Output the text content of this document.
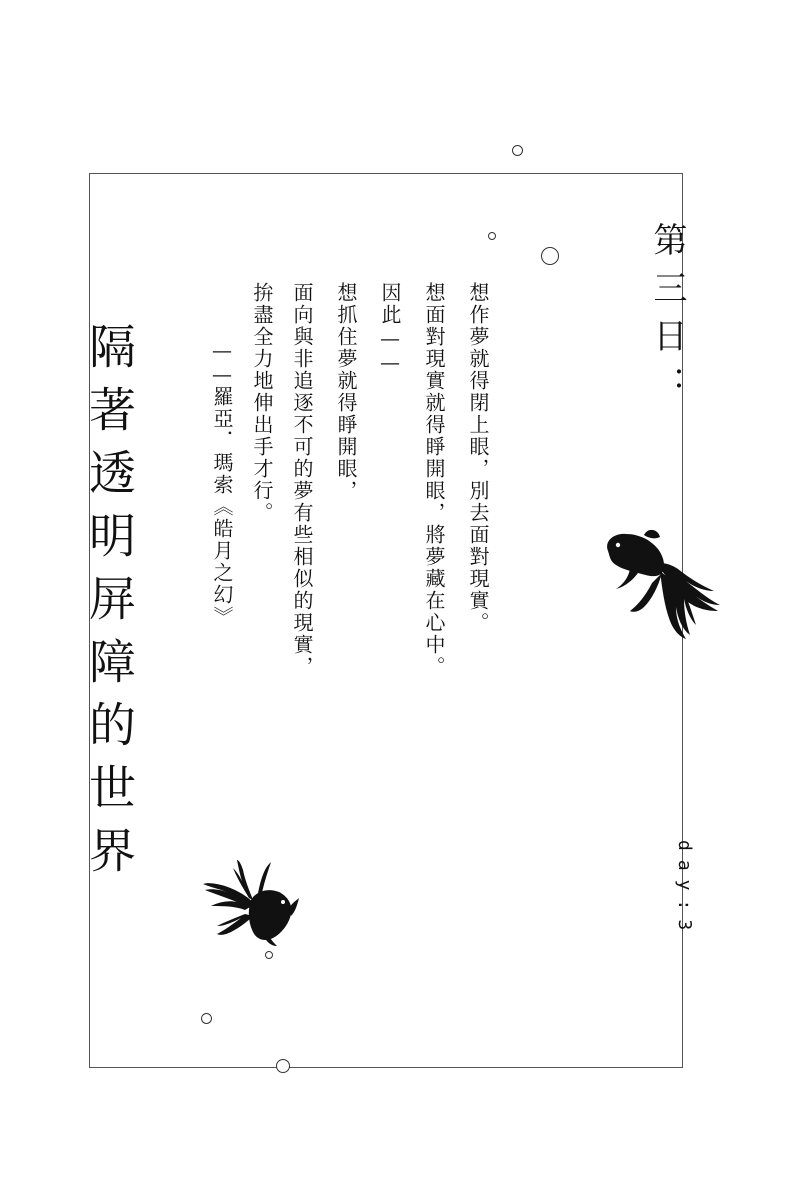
第三日：
day:3
隔著透明屏障的世界	想作夢就得閉上眼，別去面對現實。
想面對現實就得睜開眼，將夢藏在心中。
因此——
想抓住夢就得睜開眼，
面向與非追逐不可的夢有些相似的現實，
拚盡全力地伸出手才行。
——羅亞．瑪索《皓月之幻》
